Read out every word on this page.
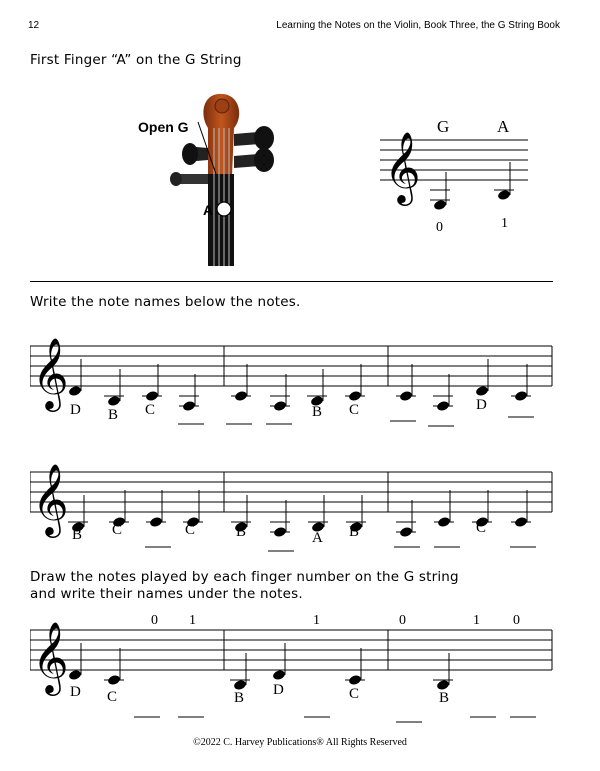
12	Learning the Notes on the Violin, Book Three, the G String Book
First Finger “A” on the G String
Open G
A
𝄞
G	A
0	1
Write the note names below the notes.
𝄞
D B C	B C	D
𝄞 B C	C	B	A B	C
Draw the notes played by each finger number on the G string
and write their names under the notes.
𝄞	0 1	1	0	1 0
D C	B D	C	B
©2022 C. Harvey Publications® All Rights Reserved
